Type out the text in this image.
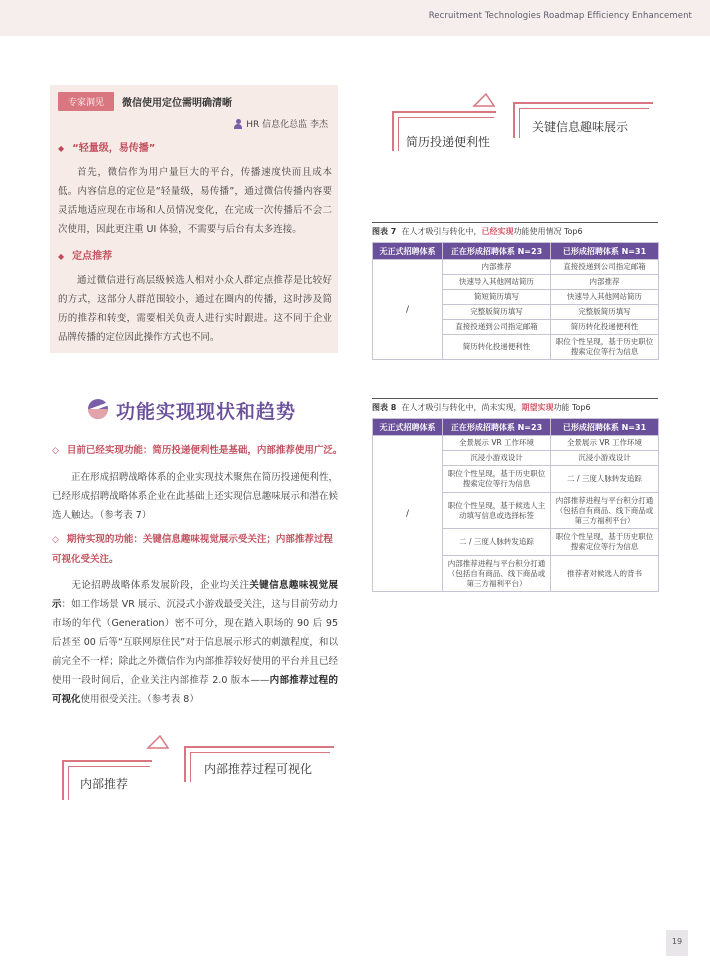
Recruitment Technologies Roadmap Efficiency Enhancement
专家洞见	微信使用定位需明确清晰
HR 信息化总监 李杰
◆ “轻量级，易传播”

首先，微信作为用户量巨大的平台，传播速度快而且成本低。内容信息的定位是“轻量级，易传播”，通过微信传播内容要灵活地适应现在市场和人员情况变化，在完成一次传播后不会二次使用，因此更注重 UI 体验，不需要与后台有太多连接。

◆ 定点推荐

通过微信进行高层级候选人相对小众人群定点推荐是比较好的方式，这部分人群范围较小，通过在圈内的传播，这时涉及简历的推荐和转变，需要相关负责人进行实时跟进。这不同于企业品牌传播的定位因此操作方式也不同。

简历投递便利性
关键信息趣味展示
图表 7 在人才吸引与转化中，已经实现功能使用情况 Top6
无正式招聘体系	正在形成招聘体系 N=23	已形成招聘体系 N=31
/	内部推荐	直接投递到公司指定邮箱
	快速导入其他网站简历	内部推荐
	简短简历填写	快速导入其他网站简历
	完整版简历填写	完整版简历填写
	直接投递到公司指定邮箱	简历转化投递便利性
	简历转化投递便利性	职位个性呈现，基于历史职位搜索定位等行为信息
功能实现现状和趋势
◇ 目前已经实现功能：简历投递便利性是基础，内部推荐使用广泛。
正在形成招聘战略体系的企业实现技术聚焦在简历投递便利性，已经形成招聘战略体系企业在此基础上还实现信息趣味展示和潜在候选人触达。（参考表 7）
◇ 期待实现的功能：关键信息趣味视觉展示受关注；内部推荐过程可视化受关注。
无论招聘战略体系发展阶段，企业均关注关键信息趣味视觉展示：如工作场景 VR 展示、沉浸式小游戏最受关注，这与目前劳动力市场的年代（Generation）密不可分，现在踏入职场的 90 后 95 后甚至 00 后等“互联网原住民”对于信息展示形式的刺激程度，和以前完全不一样；除此之外微信作为内部推荐较好使用的平台并且已经使用一段时间后，企业关注内部推荐 2.0 版本——内部推荐过程的可视化使用很受关注。（参考表 8）
图表 8 在人才吸引与转化中，尚未实现，期望实现功能 Top6
无正式招聘体系	正在形成招聘体系 N=23	已形成招聘体系 N=31
/	全景展示 VR 工作环境	全景展示 VR 工作环境
	沉浸小游戏设计	沉浸小游戏设计
	职位个性呈现，基于历史职位搜索定位等行为信息	二 / 三度人脉转发追踪
	职位个性呈现，基于候选人主动填写信息或选择标签	内部推荐进程与平台积分打通（包括自有商品、线下商品或第三方福利平台）
	二 / 三度人脉转发追踪	职位个性呈现，基于历史职位搜索定位等行为信息
	内部推荐进程与平台积分打通（包括自有商品、线下商品或第三方福利平台）	推荐者对候选人的背书
内部推荐
内部推荐过程可视化
19
